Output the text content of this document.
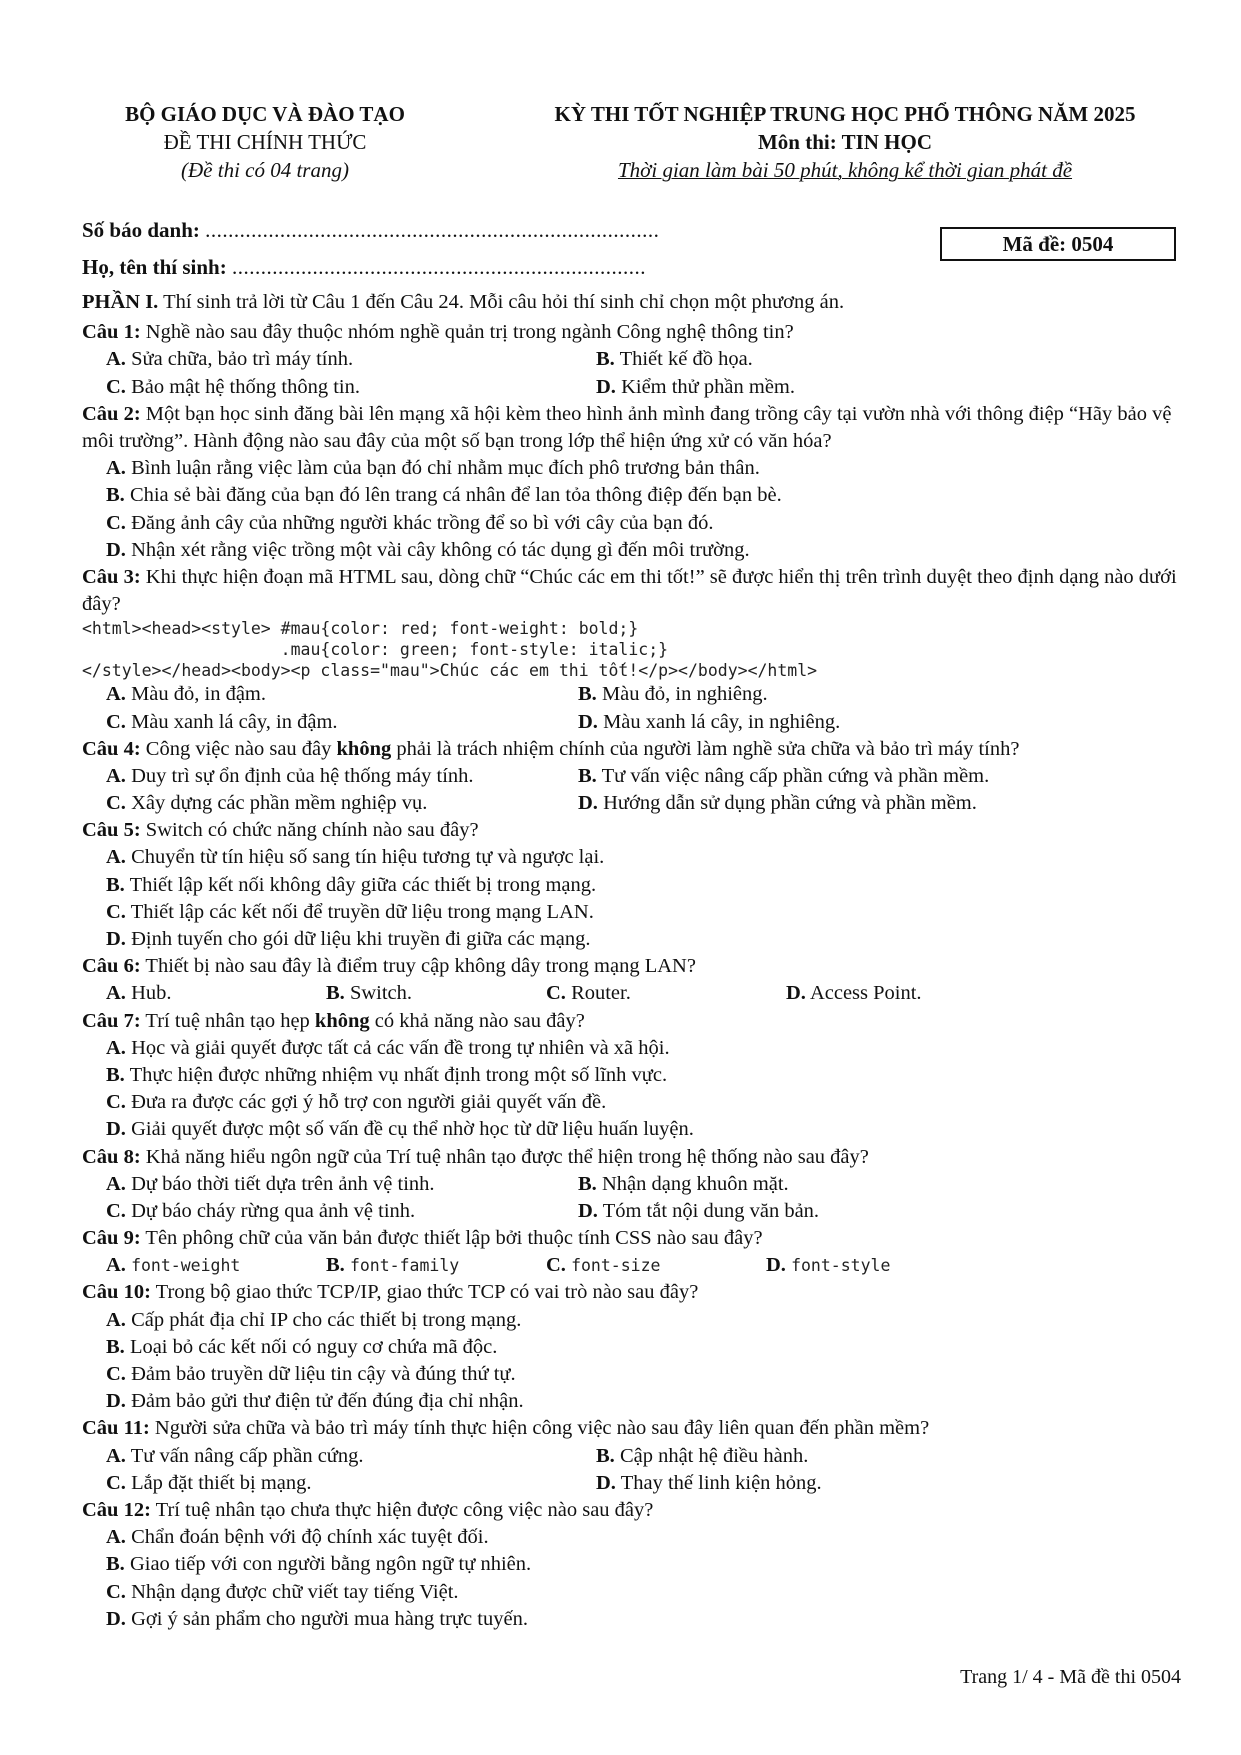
BỘ GIÁO DỤC VÀ ĐÀO TẠO
ĐỀ THI CHÍNH THỨC
(Đề thi có 04 trang)
KỲ THI TỐT NGHIỆP TRUNG HỌC PHỔ THÔNG NĂM 2025
Môn thi: TIN HỌC
Thời gian làm bài 50 phút, không kể thời gian phát đề
Số báo danh: ...............................................................................
Họ, tên thí sinh: ........................................................................
Mã đề: 0504
PHẦN I. Thí sinh trả lời từ Câu 1 đến Câu 24. Mỗi câu hỏi thí sinh chỉ chọn một phương án.
Câu 1: Nghề nào sau đây thuộc nhóm nghề quản trị trong ngành Công nghệ thông tin?
A. Sửa chữa, bảo trì máy tính.	B. Thiết kế đồ họa.
C. Bảo mật hệ thống thông tin.	D. Kiểm thử phần mềm.
Câu 2: Một bạn học sinh đăng bài lên mạng xã hội kèm theo hình ảnh mình đang trồng cây tại vườn nhà với thông điệp “Hãy bảo vệ môi trường”. Hành động nào sau đây của một số bạn trong lớp thể hiện ứng xử có văn hóa?
A. Bình luận rằng việc làm của bạn đó chỉ nhằm mục đích phô trương bản thân.
B. Chia sẻ bài đăng của bạn đó lên trang cá nhân để lan tỏa thông điệp đến bạn bè.
C. Đăng ảnh cây của những người khác trồng để so bì với cây của bạn đó.
D. Nhận xét rằng việc trồng một vài cây không có tác dụng gì đến môi trường.
Câu 3: Khi thực hiện đoạn mã HTML sau, dòng chữ “Chúc các em thi tốt!” sẽ được hiển thị trên trình duyệt theo định dạng nào dưới đây?
<html><head><style> #mau{color: red; font-weight: bold;}
.mau{color: green; font-style: italic;}
</style></head><body><p class="mau">Chúc các em thi tốt!</p></body></html>
A. Màu đỏ, in đậm.	B. Màu đỏ, in nghiêng.
C. Màu xanh lá cây, in đậm.	D. Màu xanh lá cây, in nghiêng.
Câu 4: Công việc nào sau đây không phải là trách nhiệm chính của người làm nghề sửa chữa và bảo trì máy tính?
A. Duy trì sự ổn định của hệ thống máy tính.	B. Tư vấn việc nâng cấp phần cứng và phần mềm.
C. Xây dựng các phần mềm nghiệp vụ.	D. Hướng dẫn sử dụng phần cứng và phần mềm.
Câu 5: Switch có chức năng chính nào sau đây?
A. Chuyển từ tín hiệu số sang tín hiệu tương tự và ngược lại.
B. Thiết lập kết nối không dây giữa các thiết bị trong mạng.
C. Thiết lập các kết nối để truyền dữ liệu trong mạng LAN.
D. Định tuyến cho gói dữ liệu khi truyền đi giữa các mạng.
Câu 6: Thiết bị nào sau đây là điểm truy cập không dây trong mạng LAN?
A. Hub.	B. Switch.	C. Router.	D. Access Point.
Câu 7: Trí tuệ nhân tạo hẹp không có khả năng nào sau đây?
A. Học và giải quyết được tất cả các vấn đề trong tự nhiên và xã hội.
B. Thực hiện được những nhiệm vụ nhất định trong một số lĩnh vực.
C. Đưa ra được các gợi ý hỗ trợ con người giải quyết vấn đề.
D. Giải quyết được một số vấn đề cụ thể nhờ học từ dữ liệu huấn luyện.
Câu 8: Khả năng hiểu ngôn ngữ của Trí tuệ nhân tạo được thể hiện trong hệ thống nào sau đây?
A. Dự báo thời tiết dựa trên ảnh vệ tinh.	B. Nhận dạng khuôn mặt.
C. Dự báo cháy rừng qua ảnh vệ tinh.	D. Tóm tắt nội dung văn bản.
Câu 9: Tên phông chữ của văn bản được thiết lập bởi thuộc tính CSS nào sau đây?
A. font-weight	B. font-family	C. font-size	D. font-style
Câu 10: Trong bộ giao thức TCP/IP, giao thức TCP có vai trò nào sau đây?
A. Cấp phát địa chỉ IP cho các thiết bị trong mạng.
B. Loại bỏ các kết nối có nguy cơ chứa mã độc.
C. Đảm bảo truyền dữ liệu tin cậy và đúng thứ tự.
D. Đảm bảo gửi thư điện tử đến đúng địa chỉ nhận.
Câu 11: Người sửa chữa và bảo trì máy tính thực hiện công việc nào sau đây liên quan đến phần mềm?
A. Tư vấn nâng cấp phần cứng.	B. Cập nhật hệ điều hành.
C. Lắp đặt thiết bị mạng.	D. Thay thế linh kiện hỏng.
Câu 12: Trí tuệ nhân tạo chưa thực hiện được công việc nào sau đây?
A. Chẩn đoán bệnh với độ chính xác tuyệt đối.
B. Giao tiếp với con người bằng ngôn ngữ tự nhiên.
C. Nhận dạng được chữ viết tay tiếng Việt.
D. Gợi ý sản phẩm cho người mua hàng trực tuyến.
Trang 1/ 4 - Mã đề thi 0504
